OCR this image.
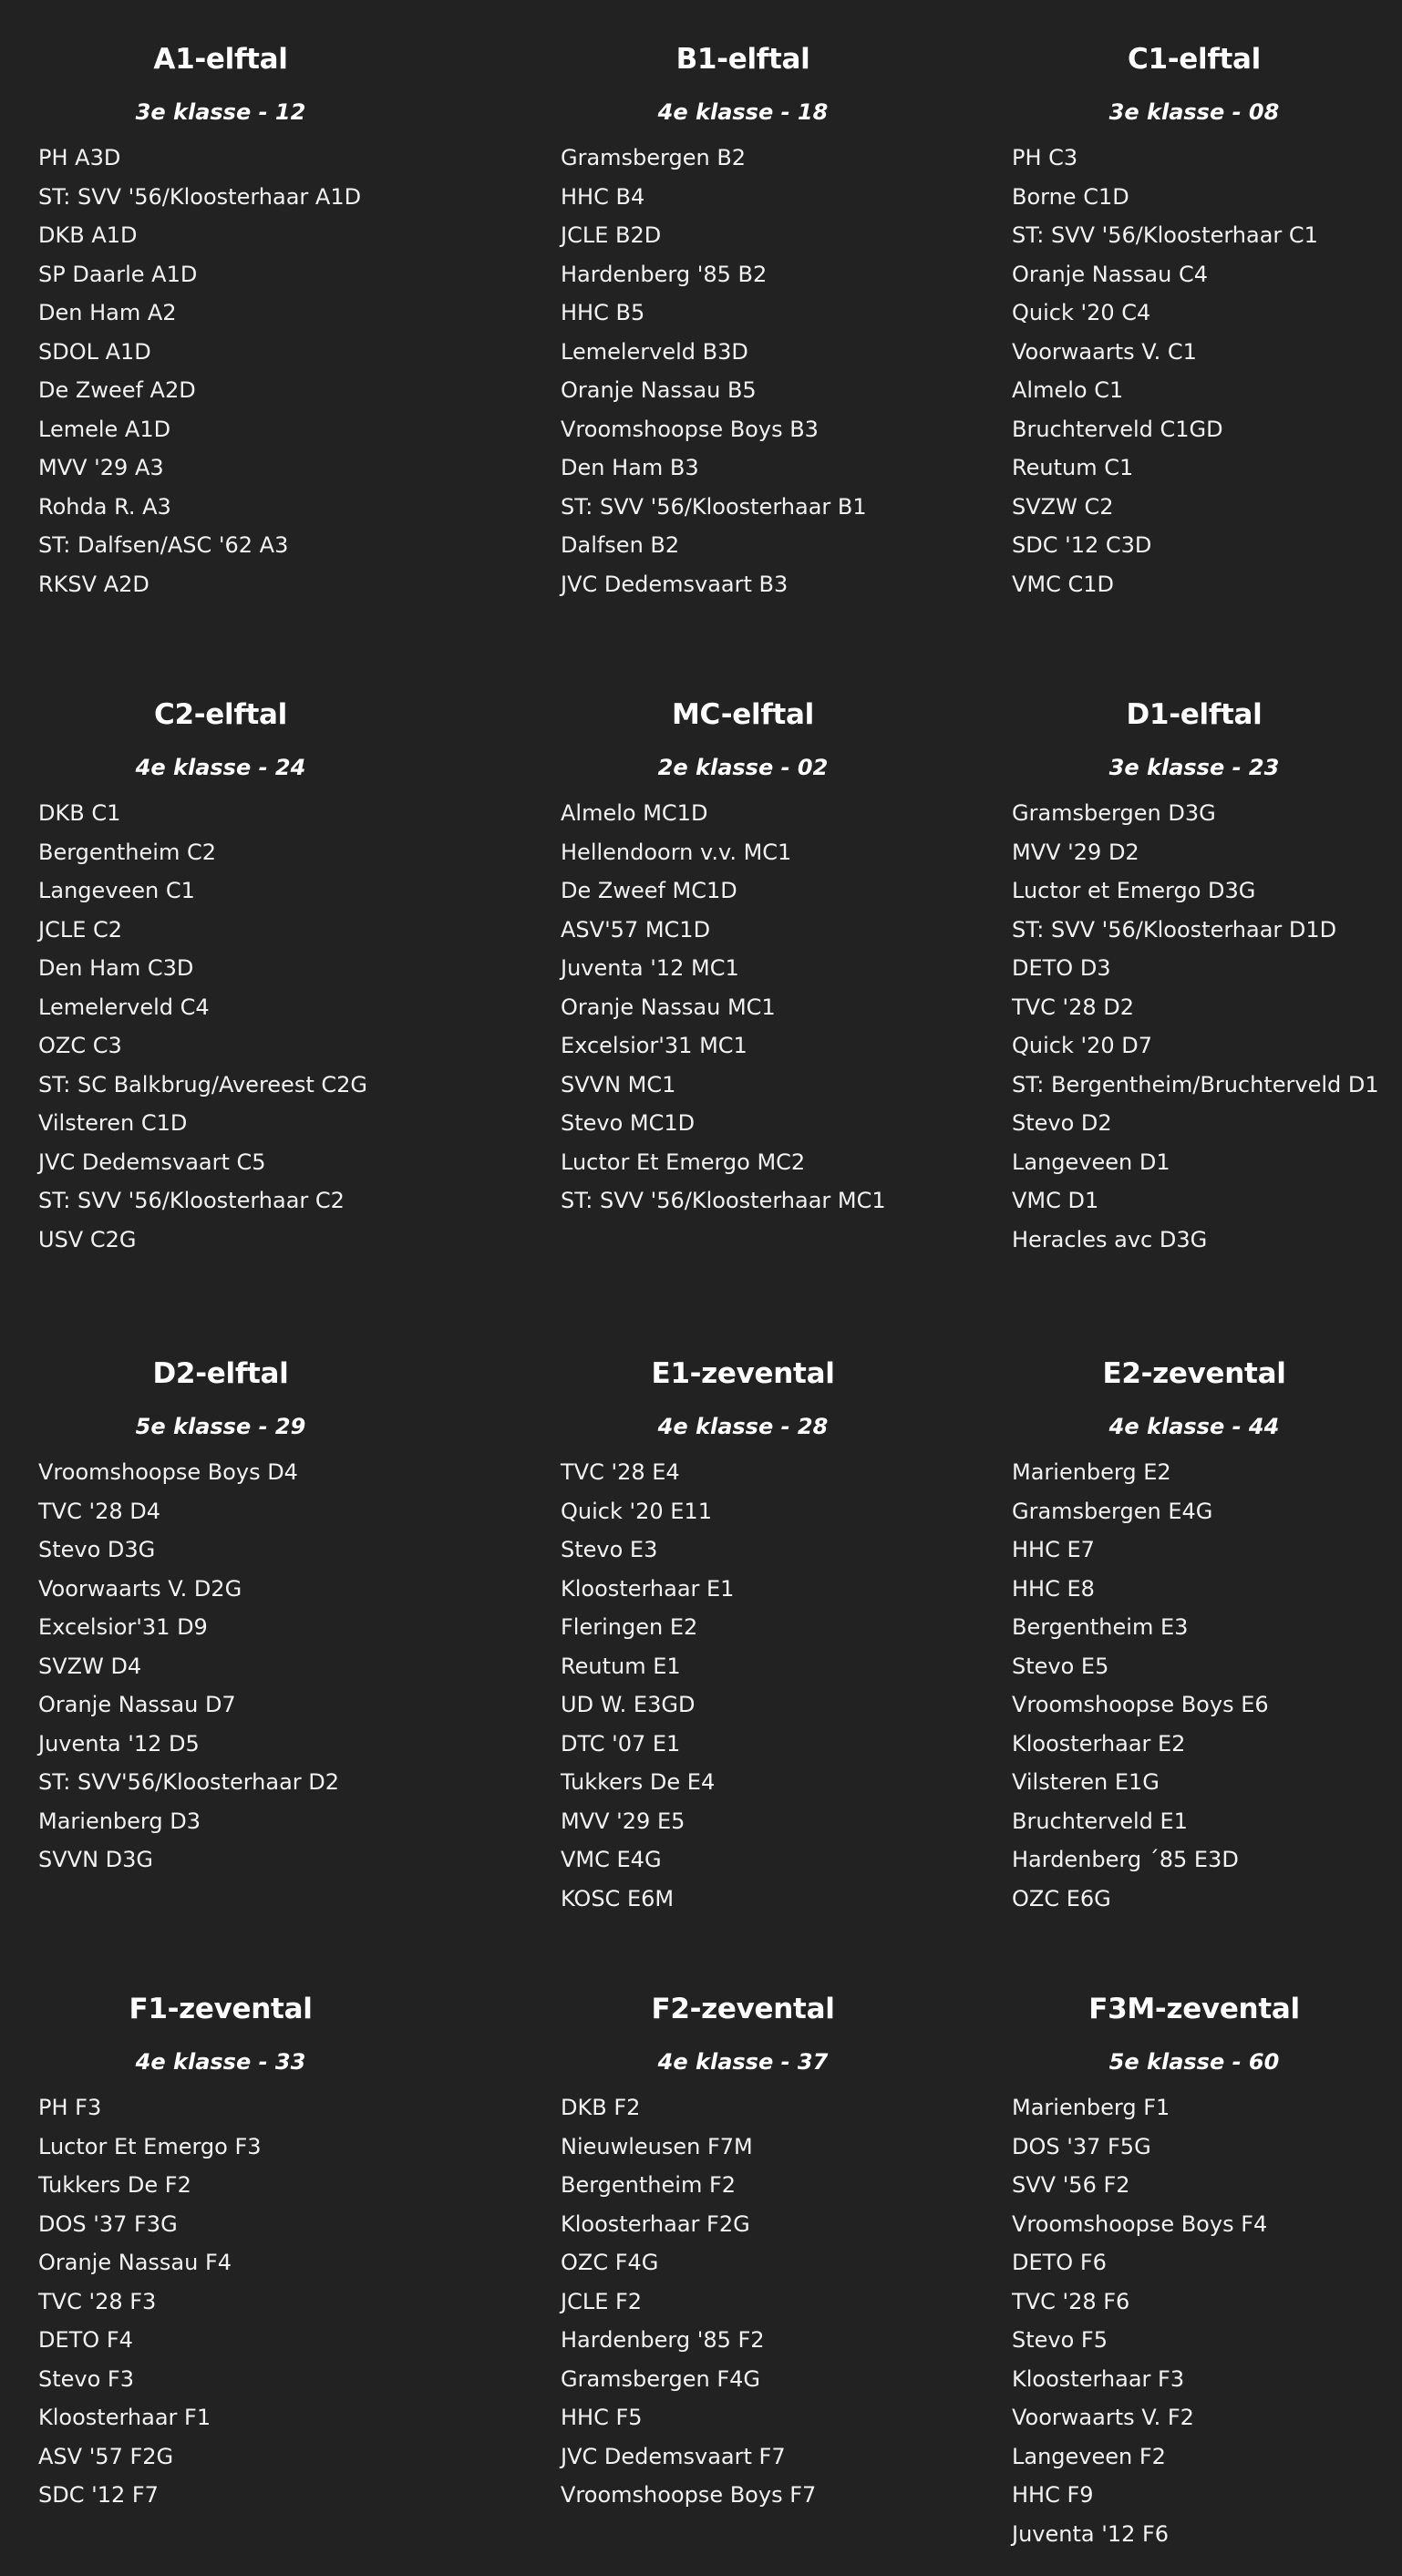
A1-elftal

3e klasse - 12

PH A3D
ST: SVV '56/Kloosterhaar A1D
DKB A1D
SP Daarle A1D
Den Ham A2
SDOL A1D
De Zweef A2D
Lemele A1D
MVV '29 A3
Rohda R. A3
ST: Dalfsen/ASC '62 A3
RKSV A2D
B1-elftal

4e klasse - 18

Gramsbergen B2
HHC B4
JCLE B2D
Hardenberg '85 B2
HHC B5
Lemelerveld B3D
Oranje Nassau B5
Vroomshoopse Boys B3
Den Ham B3
ST: SVV '56/Kloosterhaar B1
Dalfsen B2
JVC Dedemsvaart B3
C1-elftal

3e klasse - 08

PH C3
Borne C1D
ST: SVV '56/Kloosterhaar C1
Oranje Nassau C4
Quick '20 C4
Voorwaarts V. C1
Almelo C1
Bruchterveld C1GD
Reutum C1
SVZW C2
SDC '12 C3D
VMC C1D
C2-elftal

4e klasse - 24

DKB C1
Bergentheim C2
Langeveen C1
JCLE C2
Den Ham C3D
Lemelerveld C4
OZC C3
ST: SC Balkbrug/Avereest C2G
Vilsteren C1D
JVC Dedemsvaart C5
ST: SVV '56/Kloosterhaar C2
USV C2G
MC-elftal

2e klasse - 02

Almelo MC1D
Hellendoorn v.v. MC1
De Zweef MC1D
ASV'57 MC1D
Juventa '12 MC1
Oranje Nassau MC1
Excelsior'31 MC1
SVVN MC1
Stevo MC1D
Luctor Et Emergo MC2
ST: SVV '56/Kloosterhaar MC1
D1-elftal

3e klasse - 23

Gramsbergen D3G
MVV '29 D2
Luctor et Emergo D3G
ST: SVV '56/Kloosterhaar D1D
DETO D3
TVC '28 D2
Quick '20 D7
ST: Bergentheim/Bruchterveld D1
Stevo D2
Langeveen D1
VMC D1
Heracles avc D3G
D2-elftal

5e klasse - 29

Vroomshoopse Boys D4
TVC '28 D4
Stevo D3G
Voorwaarts V. D2G
Excelsior'31 D9
SVZW D4
Oranje Nassau D7
Juventa '12 D5
ST: SVV'56/Kloosterhaar D2
Marienberg D3
SVVN D3G
E1-zevental

4e klasse - 28

TVC '28 E4
Quick '20 E11
Stevo E3
Kloosterhaar E1
Fleringen E2
Reutum E1
UD W. E3GD
DTC '07 E1
Tukkers De E4
MVV '29 E5
VMC E4G
KOSC E6M
E2-zevental

4e klasse - 44

Marienberg E2
Gramsbergen E4G
HHC E7
HHC E8
Bergentheim E3
Stevo E5
Vroomshoopse Boys E6
Kloosterhaar E2
Vilsteren E1G
Bruchterveld E1
Hardenberg ´85 E3D
OZC E6G
F1-zevental

4e klasse - 33

PH F3
Luctor Et Emergo F3
Tukkers De F2
DOS '37 F3G
Oranje Nassau F4
TVC '28 F3
DETO F4
Stevo F3
Kloosterhaar F1
ASV '57 F2G
SDC '12 F7
F2-zevental

4e klasse - 37

DKB F2
Nieuwleusen F7M
Bergentheim F2
Kloosterhaar F2G
OZC F4G
JCLE F2
Hardenberg '85 F2
Gramsbergen F4G
HHC F5
JVC Dedemsvaart F7
Vroomshoopse Boys F7
F3M-zevental

5e klasse - 60

Marienberg F1
DOS '37 F5G
SVV '56 F2
Vroomshoopse Boys F4
DETO F6
TVC '28 F6
Stevo F5
Kloosterhaar F3
Voorwaarts V. F2
Langeveen F2
HHC F9
Juventa '12 F6
